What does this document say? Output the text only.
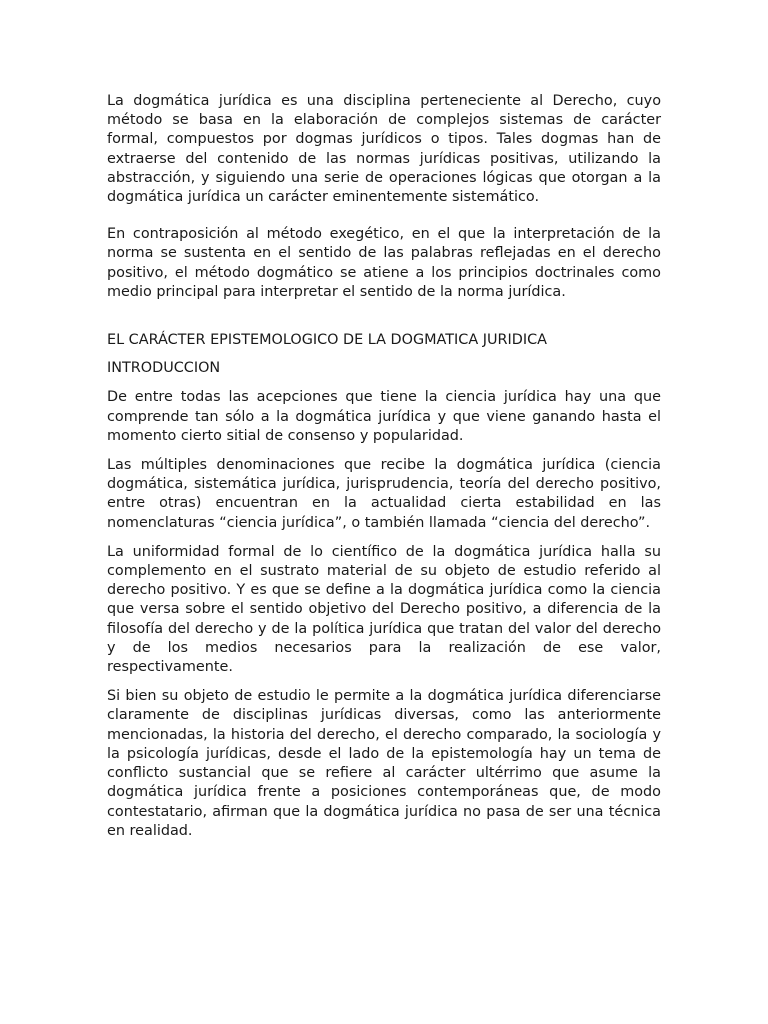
La dogmática jurídica es una disciplina perteneciente al Derecho, cuyo método se basa en la elaboración de complejos sistemas de carácter formal, compuestos por dogmas jurídicos o tipos. Tales dogmas han de extraerse del contenido de las normas jurídicas positivas, utilizando la abstracción, y siguiendo una serie de operaciones lógicas que otorgan a la dogmática jurídica un carácter eminentemente sistemático.

En contraposición al método exegético, en el que la interpretación de la norma se sustenta en el sentido de las palabras reflejadas en el derecho positivo, el método dogmático se atiene a los principios doctrinales como medio principal para interpretar el sentido de la norma jurídica.

EL CARÁCTER EPISTEMOLOGICO DE LA DOGMATICA JURIDICA

INTRODUCCION

De entre todas las acepciones que tiene la ciencia jurídica hay una que comprende tan sólo a la dogmática jurídica y que viene ganando hasta el momento cierto sitial de consenso y popularidad.

Las múltiples denominaciones que recibe la dogmática jurídica (ciencia dogmática, sistemática jurídica, jurisprudencia, teoría del derecho positivo, entre otras) encuentran en la actualidad cierta estabilidad en las nomenclaturas “ciencia jurídica”, o también llamada “ciencia del derecho”.

La uniformidad formal de lo científico de la dogmática jurídica halla su complemento en el sustrato material de su objeto de estudio referido al derecho positivo. Y es que se define a la dogmática jurídica como la ciencia que versa sobre el sentido objetivo del Derecho positivo, a diferencia de la filosofía del derecho y de la política jurídica que tratan del valor del derecho y de los medios necesarios para la realización de ese valor, respectivamente.

Si bien su objeto de estudio le permite a la dogmática jurídica diferenciarse claramente de disciplinas jurídicas diversas, como las anteriormente mencionadas, la historia del derecho, el derecho comparado, la sociología y la psicología jurídicas, desde el lado de la epistemología hay un tema de conflicto sustancial que se refiere al carácter ultérrimo que asume la dogmática jurídica frente a posiciones contemporáneas que, de modo contestatario, afirman que la dogmática jurídica no pasa de ser una técnica en realidad.
